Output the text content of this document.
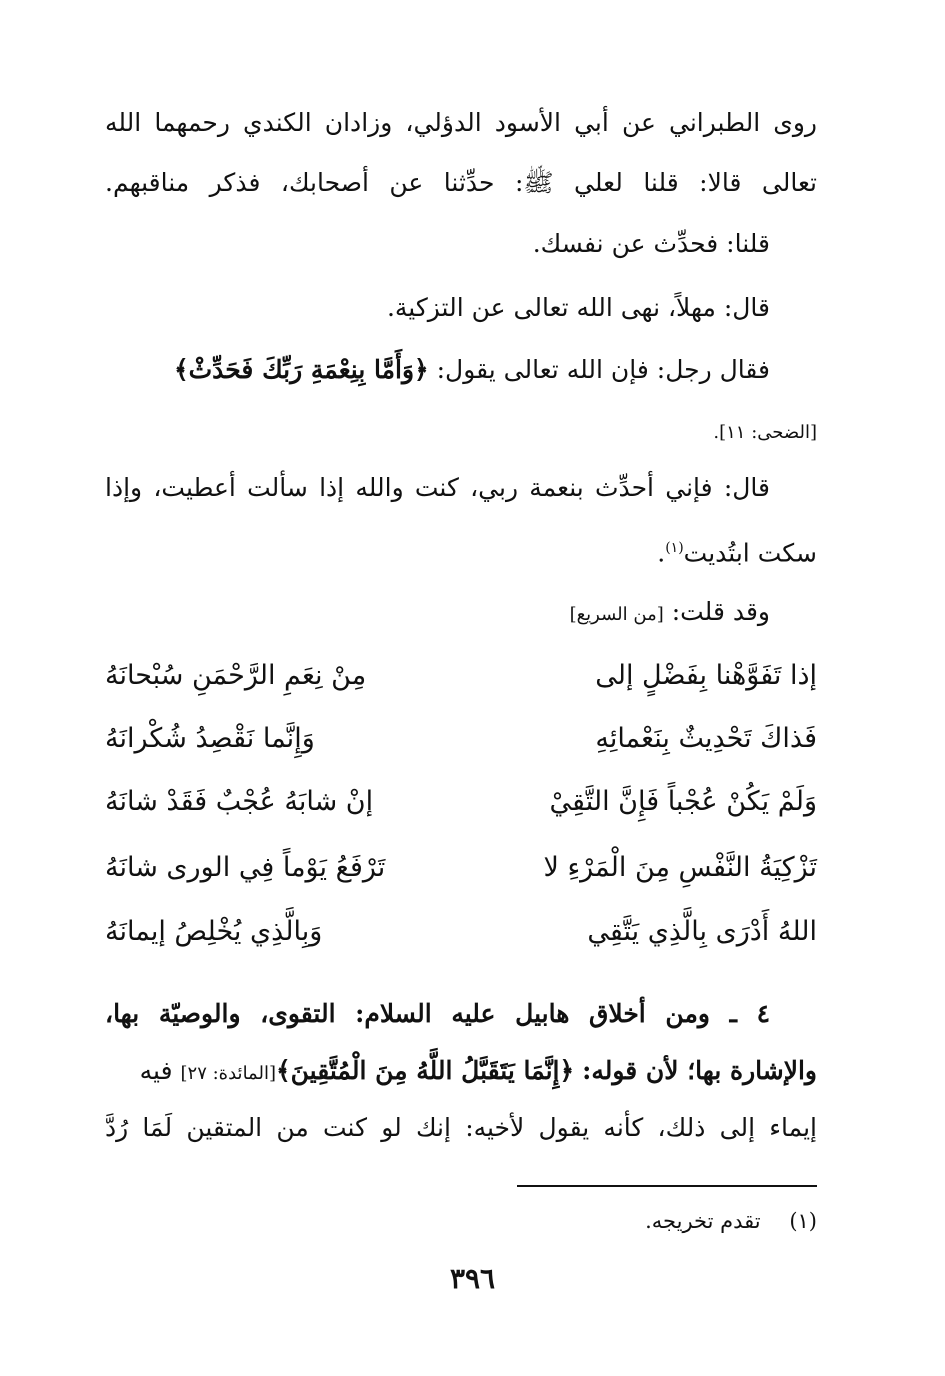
روى الطبراني عن أبي الأسود الدؤلي، وزادان الكندي رحمهما الله
تعالى قالا: قلنا لعلي ﷺ: حدِّثنا عن أصحابك، فذكر مناقبهم.
قلنا: فحدِّث عن نفسك.
قال: مهلاً، نهى الله تعالى عن التزكية.
فقال رجل: فإن الله تعالى يقول: ﴿وَأَمَّا بِنِعْمَةِ رَبِّكَ فَحَدِّثْ﴾
[الضحى: ١١].
قال: فإني أحدِّث بنعمة ربي، كنت والله إذا سألت أعطيت، وإذا
سكت ابتُديت$^{(١)}$.
وقد قلت: [من السريع]
إذا تَفَوَّهْنا بِفَضْلٍ إلى
مِنْ نِعَمِ الرَّحْمَنِ سُبْحانَهُ
فَذاكَ تَحْدِيثٌ بِنَعْمائِهِ
وَإِنَّما نَقْصِدُ شُكْرانَهُ
وَلَمْ يَكُنْ عُجْباً فَإِنَّ التَّقِيْ
إنْ شابَهُ عُجْبٌ فَقَدْ شانَهُ
تَزْكِيَةُ النَّفْسِ مِنَ الْمَرْءِ لا
تَرْفَعُ يَوْماً فِي الورى شانَهُ
اللهُ أَدْرَى بِالَّذِي يَتَّقِي
وَبِالَّذِي يُخْلِصُ إيمانَهُ
٤ ـ ومن أخلاق هابيل عليه السلام: التقوى، والوصيّة بها،
والإشارة بها؛ لأن قوله: ﴿إِنَّمَا يَتَقَبَّلُ اللَّهُ مِنَ الْمُتَّقِينَ﴾[المائدة: ٢٧] فيه
إيماء إلى ذلك، كأنه يقول لأخيه: إنك لو كنت من المتقين لَمَا رُدَّ
(١) تقدم تخريجه.
٣٩٦
